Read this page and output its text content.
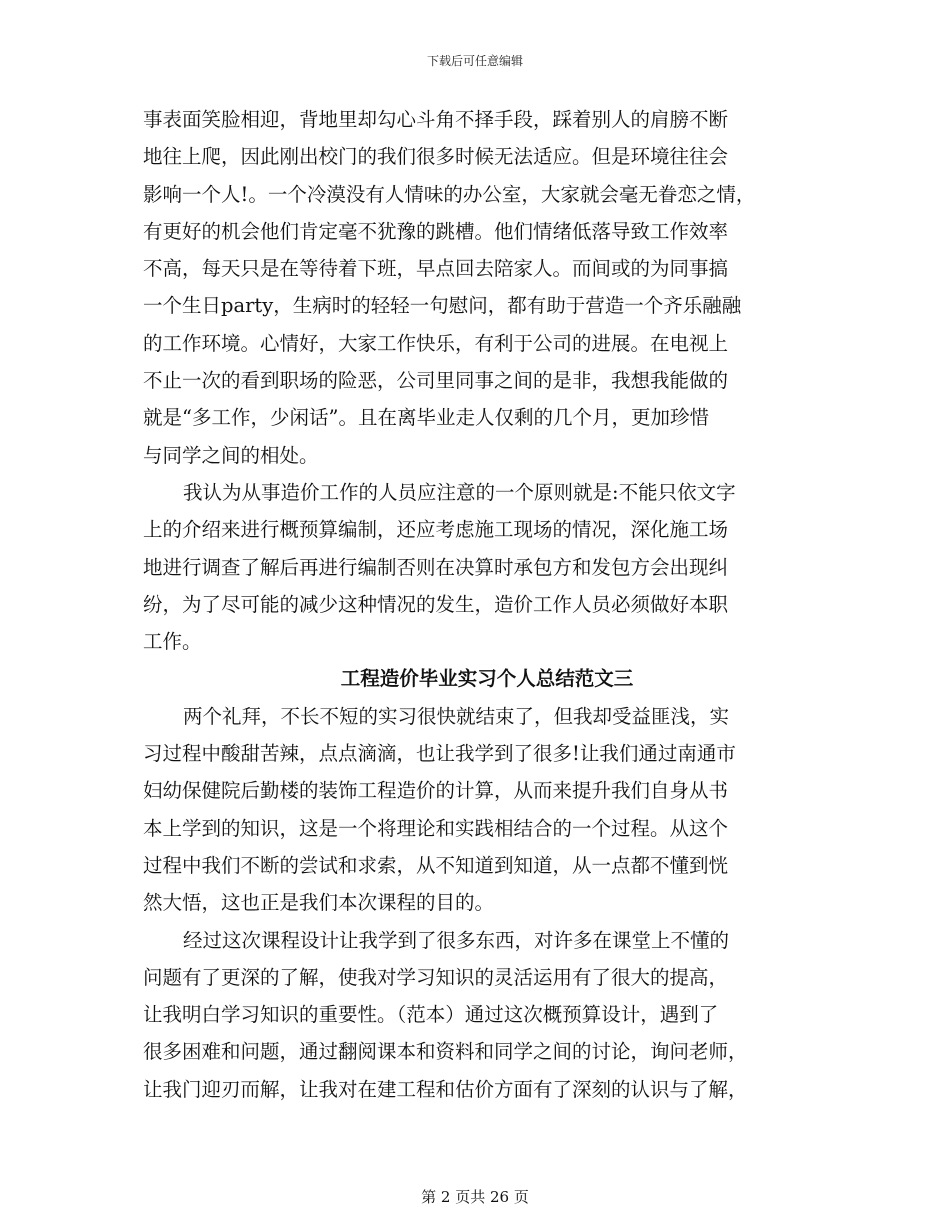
下载后可任意编辑
事表面笑脸相迎，背地里却勾心斗角不择手段，踩着别人的肩膀不断
地往上爬，因此刚出校门的我们很多时候无法适应。但是环境往往会
影响一个人!。一个冷漠没有人情味的办公室，大家就会毫无眷恋之情，
有更好的机会他们肯定毫不犹豫的跳槽。他们情绪低落导致工作效率
不高，每天只是在等待着下班，早点回去陪家人。而间或的为同事搞
一个生日party，生病时的轻轻一句慰问，都有助于营造一个齐乐融融
的工作环境。心情好，大家工作快乐，有利于公司的进展。在电视上
不止一次的看到职场的险恶，公司里同事之间的是非，我想我能做的
就是“多工作，少闲话”。且在离毕业走人仅剩的几个月，更加珍惜
与同学之间的相处。
我认为从事造价工作的人员应注意的一个原则就是:不能只依文字
上的介绍来进行概预算编制，还应考虑施工现场的情况，深化施工场
地进行调查了解后再进行编制否则在决算时承包方和发包方会出现纠
纷，为了尽可能的减少这种情况的发生，造价工作人员必须做好本职
工作。
工程造价毕业实习个人总结范文三
两个礼拜，不长不短的实习很快就结束了，但我却受益匪浅，实
习过程中酸甜苦辣，点点滴滴，也让我学到了很多!让我们通过南通市
妇幼保健院后勤楼的装饰工程造价的计算，从而来提升我们自身从书
本上学到的知识，这是一个将理论和实践相结合的一个过程。从这个
过程中我们不断的尝试和求索，从不知道到知道，从一点都不懂到恍
然大悟，这也正是我们本次课程的目的。
经过这次课程设计让我学到了很多东西，对许多在课堂上不懂的
问题有了更深的了解，使我对学习知识的灵活运用有了很大的提高，
让我明白学习知识的重要性。（范本）通过这次概预算设计，遇到了
很多困难和问题，通过翻阅课本和资料和同学之间的讨论，询问老师，
让我门迎刃而解，让我对在建工程和估价方面有了深刻的认识与了解，
第 2 页共 26 页
